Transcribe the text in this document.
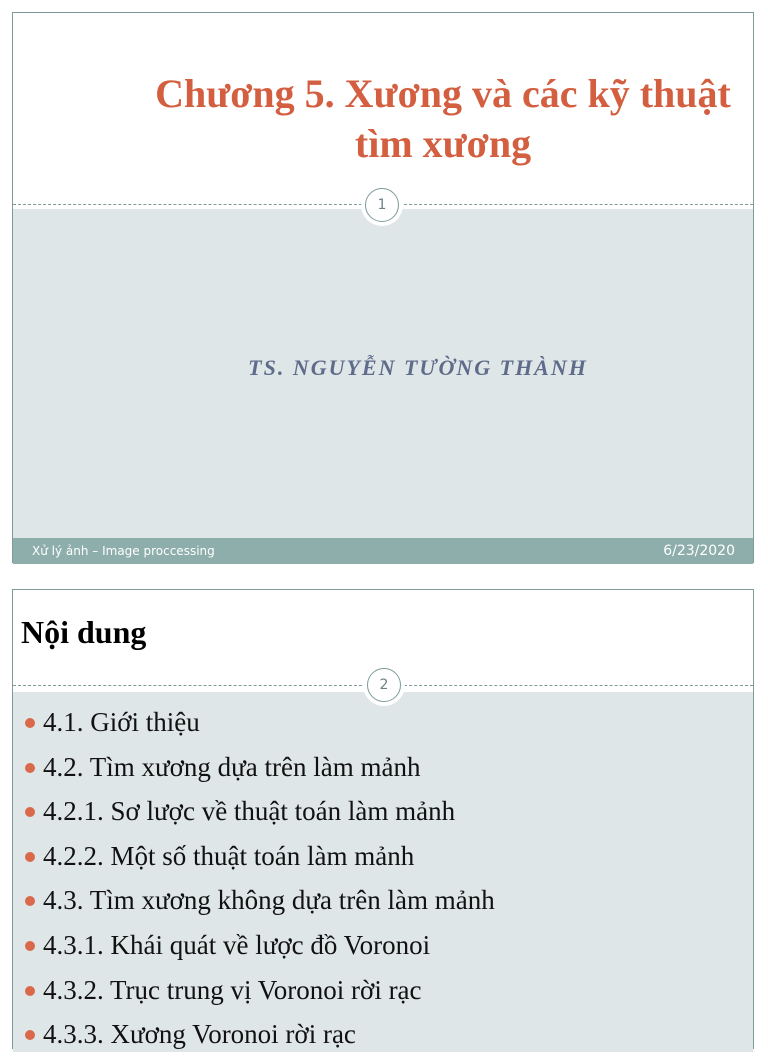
Chương 5. Xương và các kỹ thuật tìm xương
1
TS. NGUYỄN TƯỜNG THÀNH
Xử lý ảnh – Image proccessing	6/23/2020
Nội dung
2
4.1. Giới thiệu
4.2. Tìm xương dựa trên làm mảnh
4.2.1. Sơ lược về thuật toán làm mảnh
4.2.2. Một số thuật toán làm mảnh
4.3. Tìm xương không dựa trên làm mảnh
4.3.1. Khái quát về lược đồ Voronoi
4.3.2. Trục trung vị Voronoi rời rạc
4.3.3. Xương Voronoi rời rạc
